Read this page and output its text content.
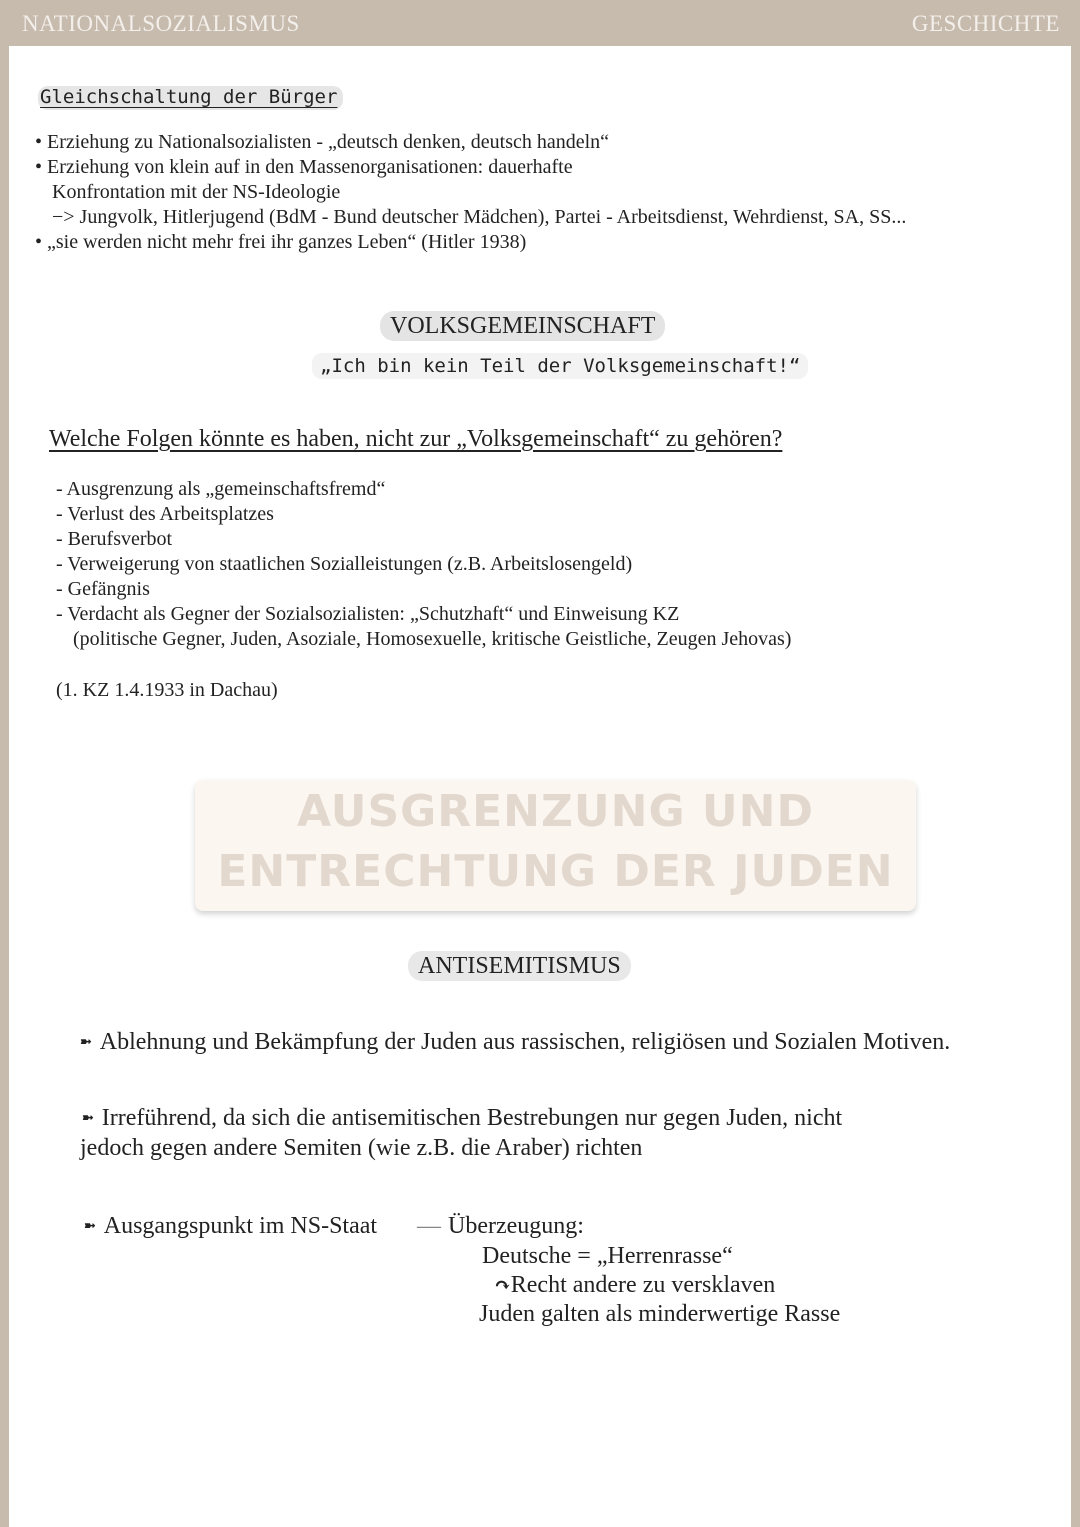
NATIONALSOZIALISMUS	GESCHICHTE
Gleichschaltung der Bürger
• Erziehung zu Nationalsozialisten - „deutsch denken, deutsch handeln“
• Erziehung von klein auf in den Massenorganisationen: dauerhafte
Konfrontation mit der NS-Ideologie
−> Jungvolk, Hitlerjugend (BdM - Bund deutscher Mädchen), Partei - Arbeitsdienst, Wehrdienst, SA, SS...
• „sie werden nicht mehr frei ihr ganzes Leben“ (Hitler 1938)
VOLKSGEMEINSCHAFT
„Ich bin kein Teil der Volksgemeinschaft!“
Welche Folgen könnte es haben, nicht zur „Volksgemeinschaft“ zu gehören?
- Ausgrenzung als „gemeinschaftsfremd“
- Verlust des Arbeitsplatzes
- Berufsverbot
- Verweigerung von staatlichen Sozialleistungen (z.B. Arbeitslosengeld)
- Gefängnis
- Verdacht als Gegner der Sozialsozialisten: „Schutzhaft“ und Einweisung KZ
(politische Gegner, Juden, Asoziale, Homosexuelle, kritische Geistliche, Zeugen Jehovas)
(1. KZ 1.4.1933 in Dachau)
AUSGRENZUNG UND
ENTRECHTUNG DER JUDEN
ANTISEMITISMUS
➼ Ablehnung und Bekämpfung der Juden aus rassischen, religiösen und Sozialen Motiven.
➼ Irreführend, da sich die antisemitischen Bestrebungen nur gegen Juden, nicht
jedoch gegen andere Semiten (wie z.B. die Araber) richten
➼ Ausgangspunkt im NS-Staat — Überzeugung:
Deutsche = „Herrenrasse“
↷Recht andere zu versklaven
Juden galten als minderwertige Rasse
